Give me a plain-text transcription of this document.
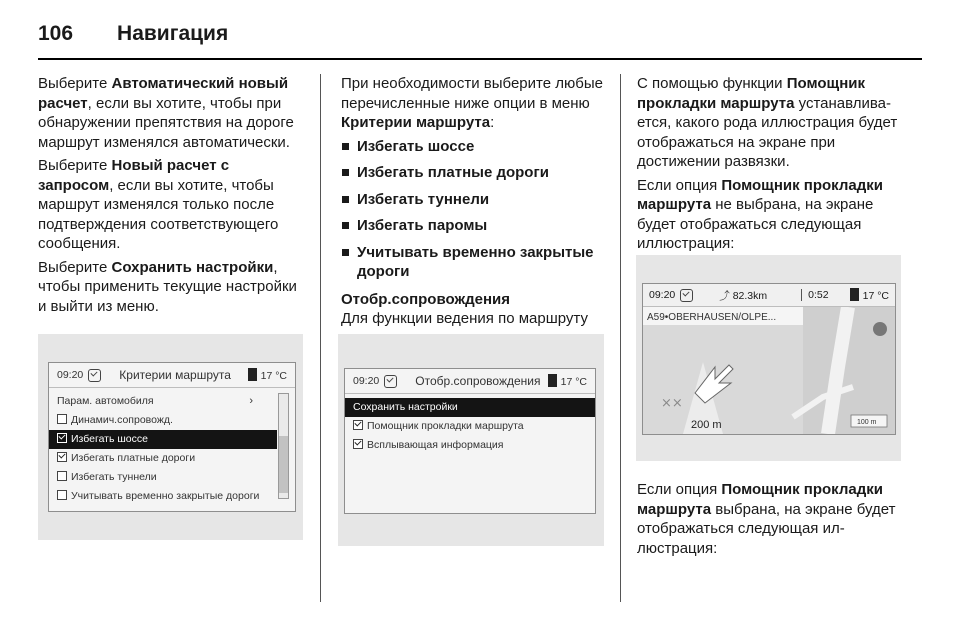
106 Навигация

Выберите Автоматический новый расчет, если вы хотите, чтобы при обнаружении препятствия на дороге маршрут изменялся автоматически.

Выберите Новый расчет с запросом, если вы хотите, чтобы маршрут изменялся только после подтверждения соответствующего сообщения.

Выберите Сохранить настройки, чтобы применить текущие настройки и выйти из меню.

09:20	Критерии маршрута	17 °C
Парам. автомобиля	›
Динамич.сопровожд.
Избегать шоссе
Избегать платные дороги
Избегать туннели
Учитывать временно закрытые дороги

При необходимости выберите любые перечисленные ниже опции в меню Критерии маршрута:

Избегать шоссе
Избегать платные дороги
Избегать туннели
Избегать паромы
Учитывать временно закрытые дороги
Отобр.сопровождения

Для функции ведения по маршруту

09:20	Отобр.сопровождения	17 °C
Сохранить настройки
Помощник прокладки маршрута
Всплывающая информация

С помощью функции Помощник прокладки маршрута устанавливается, какого рода иллюстрация будет отображаться на экране при достижении развязки.

Если опция Помощник прокладки маршрута не выбрана, на экране будет отображаться следующая иллюстрация:

09:20	⤴ 82.3km	0:52	17 °C
A59•OBERHAUSEN/OLPE...
200 m
⨯⨯
100 m

Если опция Помощник прокладки маршрута выбрана, на экране будет отображаться следующая иллюстрация:
